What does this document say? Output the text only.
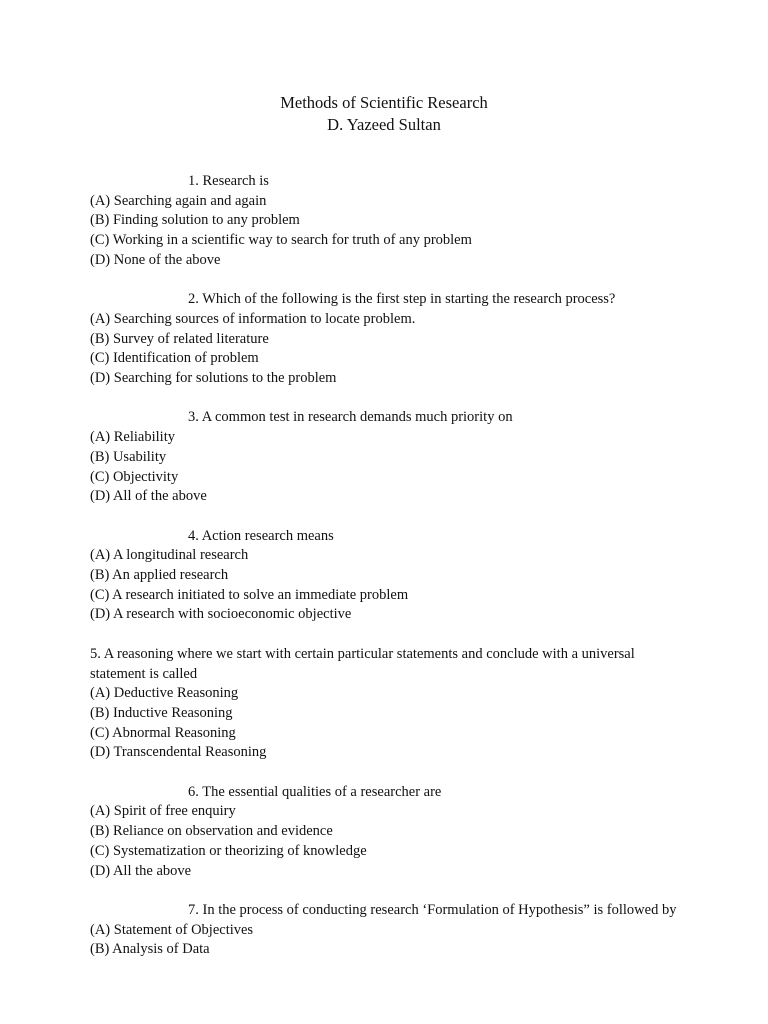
Methods of Scientific Research
D. Yazeed Sultan
1. Research is
(A) Searching again and again
(B) Finding solution to any problem
(C) Working in a scientific way to search for truth of any problem
(D) None of the above
2. Which of the following is the first step in starting the research process?
(A) Searching sources of information to locate problem.
(B) Survey of related literature
(C) Identification of problem
(D) Searching for solutions to the problem
3. A common test in research demands much priority on
(A) Reliability
(B) Usability
(C) Objectivity
(D) All of the above
4. Action research means
(A) A longitudinal research
(B) An applied research
(C) A research initiated to solve an immediate problem
(D) A research with socioeconomic objective
5. A reasoning where we start with certain particular statements and conclude with a universal statement is called
(A) Deductive Reasoning
(B) Inductive Reasoning
(C) Abnormal Reasoning
(D) Transcendental Reasoning
6. The essential qualities of a researcher are
(A) Spirit of free enquiry
(B) Reliance on observation and evidence
(C) Systematization or theorizing of knowledge
(D) All the above
7. In the process of conducting research ‘Formulation of Hypothesis” is followed by
(A) Statement of Objectives
(B) Analysis of Data
